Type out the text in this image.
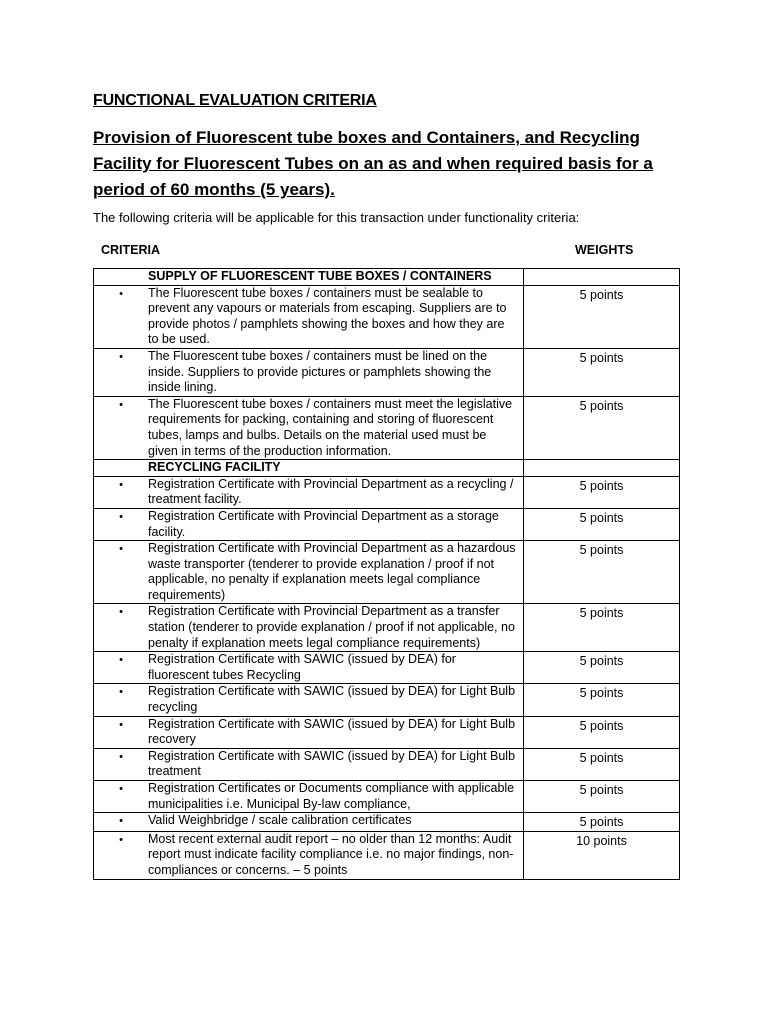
FUNCTIONAL EVALUATION CRITERIA
Provision of Fluorescent tube boxes and Containers, and Recycling Facility for Fluorescent Tubes on an as and when required basis for a period of 60 months (5 years).
The following criteria will be applicable for this transaction under functionality criteria:
CRITERIA	WEIGHTS
SUPPLY OF FLUORESCENT TUBE BOXES / CONTAINERS	

• The Fluorescent tube boxes / containers must be sealable to prevent any vapours or materials from escaping. Suppliers are to provide photos / pamphlets showing the boxes and how they are to be used.	5 points

• The Fluorescent tube boxes / containers must be lined on the inside. Suppliers to provide pictures or pamphlets showing the inside lining.	5 points

• The Fluorescent tube boxes / containers must meet the legislative requirements for packing, containing and storing of fluorescent tubes, lamps and bulbs. Details on the material used must be given in terms of the production information.	5 points

RECYCLING FACILITY	

• Registration Certificate with Provincial Department as a recycling / treatment facility.	5 points

• Registration Certificate with Provincial Department as a storage facility.	5 points

• Registration Certificate with Provincial Department as a hazardous waste transporter (tenderer to provide explanation / proof if not applicable, no penalty if explanation meets legal compliance requirements)	5 points

• Registration Certificate with Provincial Department as a transfer station (tenderer to provide explanation / proof if not applicable, no penalty if explanation meets legal compliance requirements)	5 points

• Registration Certificate with SAWIC (issued by DEA) for fluorescent tubes Recycling	5 points

• Registration Certificate with SAWIC (issued by DEA) for Light Bulb recycling	5 points

• Registration Certificate with SAWIC (issued by DEA) for Light Bulb recovery	5 points

• Registration Certificate with SAWIC (issued by DEA) for Light Bulb treatment	5 points

• Registration Certificates or Documents compliance with applicable municipalities i.e. Municipal By-law compliance,	5 points

• Valid Weighbridge / scale calibration certificates	5 points

• Most recent external audit report – no older than 12 months: Audit report must indicate facility compliance i.e. no major findings, non-compliances or concerns. – 5 points	10 points
